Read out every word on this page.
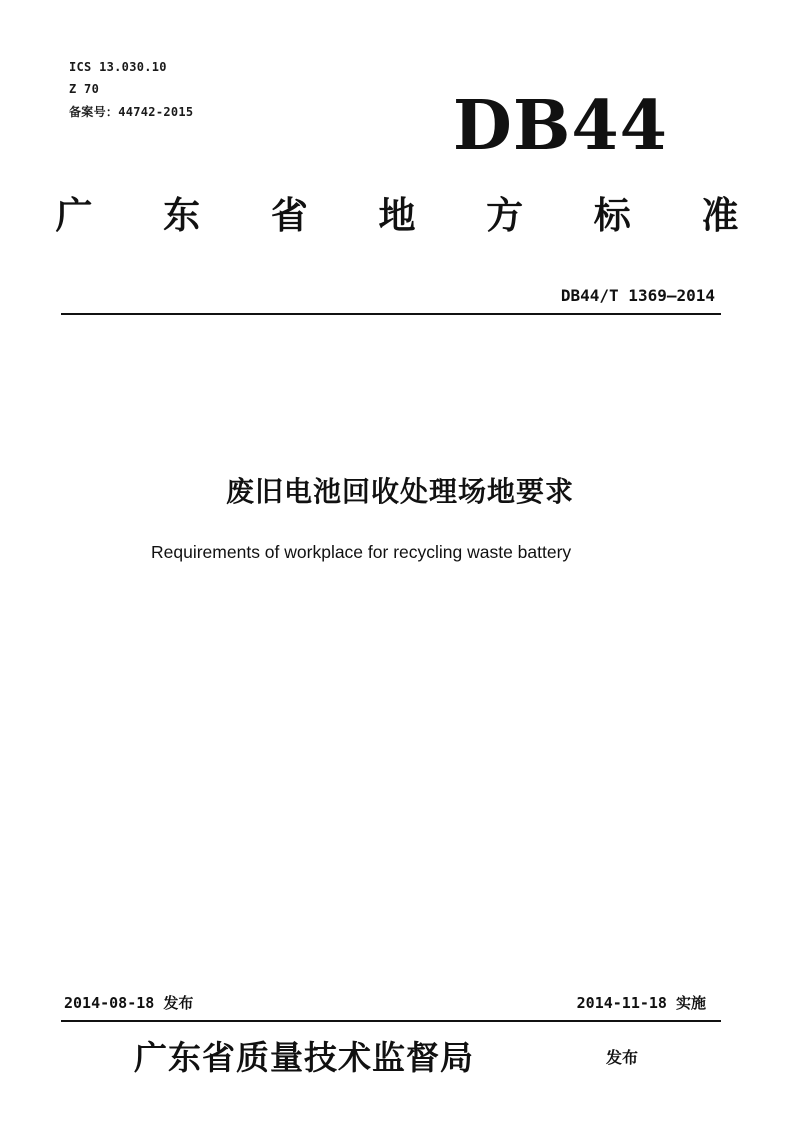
ICS 13.030.10
Z 70
备案号：44742-2015	DB44
广 东 省 地 方 标 准
DB44/T 1369—2014
废旧电池回收处理场地要求
Requirements of workplace for recycling waste battery
2014-08-18 发布	2014-11-18 实施
广东省质量技术监督局	发布
